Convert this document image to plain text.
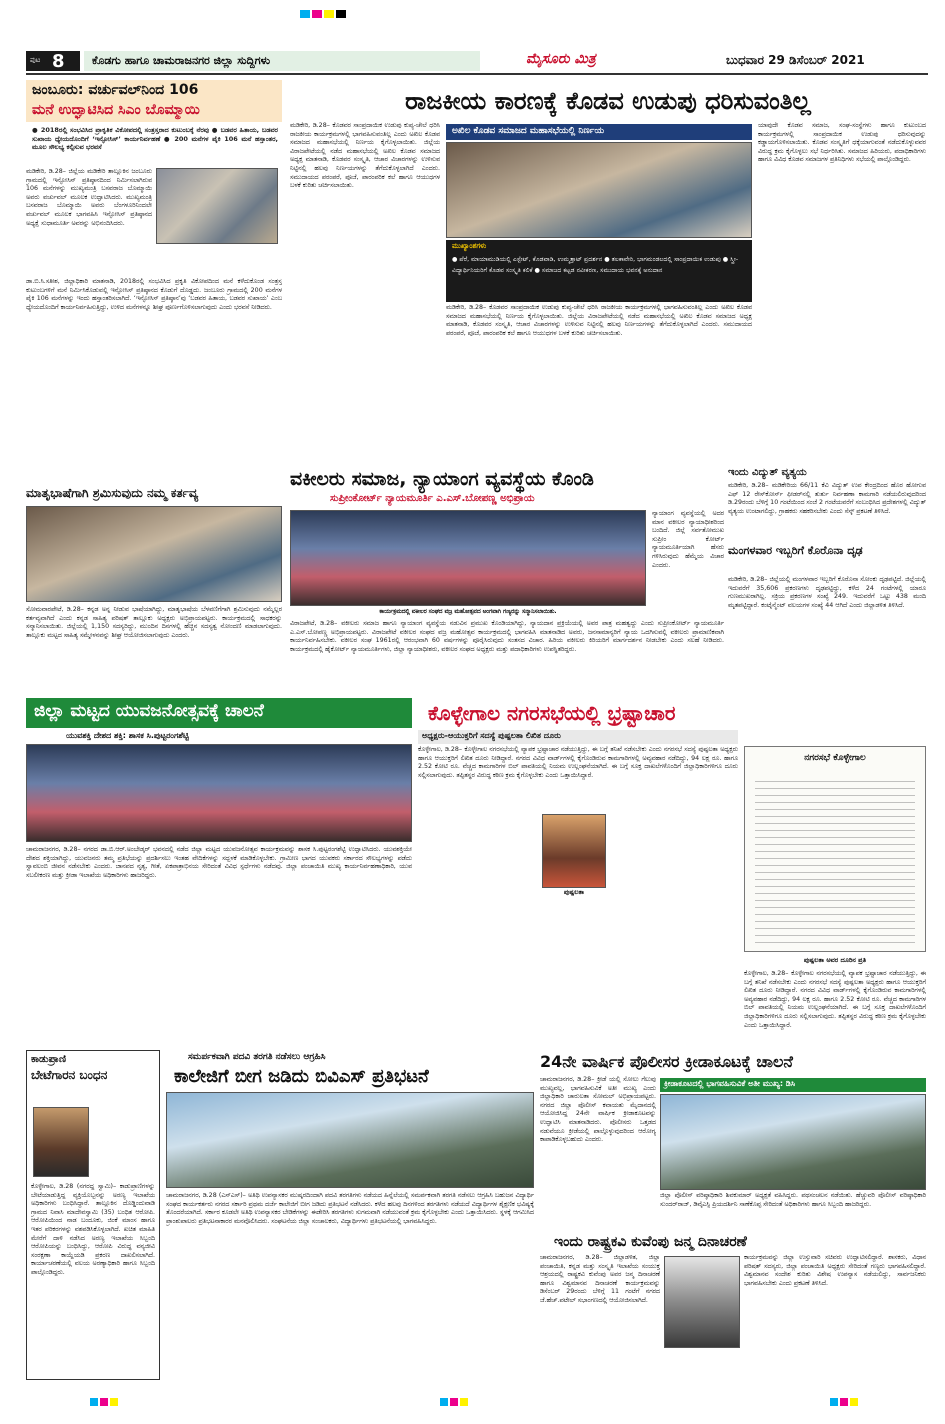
ಪುಟ 8 ಕೊಡಗು ಹಾಗೂ ಚಾಮರಾಜನಗರ ಜಿಲ್ಲಾ ಸುದ್ದಿಗಳು	ಮೈಸೂರು ಮಿತ್ರ	ಬುಧವಾರ 29 ಡಿಸೆಂಬರ್ 2021
ಜಂಬೂರು: ವರ್ಚುವಲ್‌ನಿಂದ 106
ಮನೆ ಉದ್ಘಾಟಿಸಿದ ಸಿಎಂ ಬೊಮ್ಮಾಯಿ
● 2018ರಲ್ಲಿ ಸಂಭವಿಸಿದ ಪ್ರಾಕೃತಿಕ ವಿಕೋಪದಲ್ಲಿ ಸಂತ್ರಸ್ತರಾದ ಕುಟುಂಬಕ್ಕೆ ನೆರವು ● ಬಡವರ ಹಿತಾಯ, ಬಡವರ ಸುಖಾಯ ಧ್ಯೇಯದೊಂದಿಗೆ ‘ಇನ್ಫೋಸಿಸ್’ ಕಾರ್ಯನಿರ್ವಹಣೆ ● 200 ಮನೆಗಳ ಪೈಕಿ 106 ಮನೆ ಹಸ್ತಾಂತರ, ಮೂಲ ಸೌಲಭ್ಯ ಕಲ್ಪಿಸುವ ಭರವಸೆ
ಮಡಿಕೇರಿ, ಡಿ.28– ಜಿಲ್ಲೆಯ ಮಡಿಕೇರಿ ತಾಲ್ಲೂಕಿನ ಜಂಬೂರು ಗ್ರಾಮದಲ್ಲಿ ಇನ್ಫೋಸಿಸ್ ಪ್ರತಿಷ್ಠಾನದಿಂದ ನಿರ್ಮಿಸಲಾಗಿರುವ 106 ಮನೆಗಳನ್ನು ಮುಖ್ಯಮಂತ್ರಿ ಬಸವರಾಜ ಬೊಮ್ಮಾಯಿ ಅವರು ವರ್ಚುವಲ್ ಮೂಲಕ ಉದ್ಘಾಟಿಸಿದರು. ಮುಖ್ಯಮಂತ್ರಿ ಬಸವರಾಜ ಬೊಮ್ಮಾಯಿ ಅವರು ಬೆಂಗಳೂರಿನಿಂದಲೇ ವರ್ಚುವಲ್ ಮೂಲಕ ಭಾಗವಹಿಸಿ ಇನ್ಫೋಸಿಸ್ ಪ್ರತಿಷ್ಠಾನದ ಅಧ್ಯಕ್ಷೆ ಸುಧಾಮೂರ್ತಿ ಅವರನ್ನು ಅಭಿನಂದಿಸಿದರು.
ಡಾ.ಬಿ.ಸಿ.ಸತೀಶ, ಜಿಲ್ಲಾಧಿಕಾರಿ ಮಾತನಾಡಿ, 2018ರಲ್ಲಿ ಸಂಭವಿಸಿದ ಪ್ರಕೃತಿ ವಿಕೋಪದಿಂದ ಮನೆ ಕಳೆದುಕೊಂಡ ಸಂತ್ರಸ್ತ ಕುಟುಂಬಗಳಿಗೆ ಮನೆ ನಿರ್ಮಿಸಿಕೊಡುವಲ್ಲಿ ಇನ್ಫೋಸಿಸ್ ಪ್ರತಿಷ್ಠಾನದ ಕೊಡುಗೆ ದೊಡ್ಡದು. ಜಂಬೂರು ಗ್ರಾಮದಲ್ಲಿ 200 ಮನೆಗಳ ಪೈಕಿ 106 ಮನೆಗಳನ್ನು ಇಂದು ಹಸ್ತಾಂತರಿಸಲಾಗಿದೆ. ‘ಇನ್ಫೋಸಿಸ್ ಪ್ರತಿಷ್ಠಾನ’ವು ‘ಬಡವರ ಹಿತಾಯ, ಬಡವರ ಸುಖಾಯ’ ಎಂಬ ಧ್ಯೇಯದೊಂದಿಗೆ ಕಾರ್ಯನಿರ್ವಹಿಸುತ್ತಿದ್ದು, ಉಳಿದ ಮನೆಗಳನ್ನೂ ಶೀಘ್ರ ಪೂರ್ಣಗೊಳಿಸಲಾಗುವುದು ಎಂದು ಭರವಸೆ ನೀಡಿದರು.
ರಾಜಕೀಯ ಕಾರಣಕ್ಕೆ ಕೊಡವ ಉಡುಪು ಧರಿಸುವಂತಿಲ್ಲ
ಮಡಿಕೇರಿ, ಡಿ.28– ಕೊಡವರ ಸಾಂಪ್ರದಾಯಿಕ ಉಡುಪು ಕುಪ್ಯ-ಚೇಲೆ ಧರಿಸಿ ರಾಜಕೀಯ ಕಾರ್ಯಕ್ರಮಗಳಲ್ಲಿ ಭಾಗವಹಿಸುವಂತಿಲ್ಲ ಎಂದು ಅಖಿಲ ಕೊಡವ ಸಮಾಜದ ಮಹಾಸಭೆಯಲ್ಲಿ ನಿರ್ಣಯ ಕೈಗೊಳ್ಳಲಾಯಿತು. ಜಿಲ್ಲೆಯ ವಿರಾಜಪೇಟೆಯಲ್ಲಿ ನಡೆದ ಮಹಾಸಭೆಯಲ್ಲಿ ಅಖಿಲ ಕೊಡವ ಸಮಾಜದ ಅಧ್ಯಕ್ಷ ಮಾತನಾಡಿ, ಕೊಡವರ ಸಂಸ್ಕೃತಿ, ಆಚಾರ ವಿಚಾರಗಳನ್ನು ಉಳಿಸುವ ನಿಟ್ಟಿನಲ್ಲಿ ಹಲವು ನಿರ್ಣಯಗಳನ್ನು ತೆಗೆದುಕೊಳ್ಳಲಾಗಿದೆ ಎಂದರು. ಸಮುದಾಯದ ಪರಂಪರೆ, ಪೂಜೆ, ಪಾರಂಪರಿಕ ಕಲೆ ಹಾಗೂ ಆಯುಧಗಳ ಬಳಕೆ ಕುರಿತು ಚರ್ಚಿಸಲಾಯಿತು.
ಅಖಿಲ ಕೊಡವ ಸಮಾಜದ ಮಹಾಸಭೆಯಲ್ಲಿ ನಿರ್ಣಯ
ಮುಖ್ಯಾಂಶಗಳು
● ಪೆರೆ, ಮಾಯಾಮುಡಿಯಲ್ಲಿ ಎಸ್ಟೇಟ್, ಕೊಡವಾಡಿ, ಉಮ್ಮತ್ತಾಟ್ ಪ್ರದರ್ಶನ ● ತಲಕಾವೇರಿ, ಭಾಗಮಂಡಲದಲ್ಲಿ ಸಾಂಪ್ರದಾಯಿಕ ಉಡುಪು ● ಸ್ತ್ರೀ-ವಿದ್ಯಾರ್ಥಿನಿಯರಿಗೆ ಕೊಡವ ಸಂಸ್ಕೃತಿ ಕಲಿಕೆ ● ಸಮಾಜದ ಕಟ್ಟಡ ನವೀಕರಣ, ಸಮುದಾಯ ಭವನಕ್ಕೆ ಅನುದಾನ
ಯಾವುದೇ ಕೊಡವ ಸಮಾಜ, ಸಂಘ-ಸಂಸ್ಥೆಗಳು ಹಾಗೂ ಕುಟುಂಬದ ಕಾರ್ಯಕ್ರಮಗಳಲ್ಲಿ ಸಾಂಪ್ರದಾಯಿಕ ಉಡುಪು ಧರಿಸುವುದನ್ನು ಕಡ್ಡಾಯಗೊಳಿಸಲಾಯಿತು. ಕೊಡವ ಸಂಸ್ಕೃತಿಗೆ ಧಕ್ಕೆಯಾಗುವಂತೆ ನಡೆದುಕೊಳ್ಳುವವರ ವಿರುದ್ಧ ಕ್ರಮ ಕೈಗೊಳ್ಳಲು ಸಭೆ ನಿರ್ಧರಿಸಿತು. ಸಮಾಜದ ಹಿರಿಯರು, ಪದಾಧಿಕಾರಿಗಳು ಹಾಗೂ ವಿವಿಧ ಕೊಡವ ಸಮಾಜಗಳ ಪ್ರತಿನಿಧಿಗಳು ಸಭೆಯಲ್ಲಿ ಪಾಲ್ಗೊಂಡಿದ್ದರು.
ಮಡಿಕೇರಿ, ಡಿ.28– ಕೊಡವರ ಸಾಂಪ್ರದಾಯಿಕ ಉಡುಪು ಕುಪ್ಯ-ಚೇಲೆ ಧರಿಸಿ ರಾಜಕೀಯ ಕಾರ್ಯಕ್ರಮಗಳಲ್ಲಿ ಭಾಗವಹಿಸುವಂತಿಲ್ಲ ಎಂದು ಅಖಿಲ ಕೊಡವ ಸಮಾಜದ ಮಹಾಸಭೆಯಲ್ಲಿ ನಿರ್ಣಯ ಕೈಗೊಳ್ಳಲಾಯಿತು. ಜಿಲ್ಲೆಯ ವಿರಾಜಪೇಟೆಯಲ್ಲಿ ನಡೆದ ಮಹಾಸಭೆಯಲ್ಲಿ ಅಖಿಲ ಕೊಡವ ಸಮಾಜದ ಅಧ್ಯಕ್ಷ ಮಾತನಾಡಿ, ಕೊಡವರ ಸಂಸ್ಕೃತಿ, ಆಚಾರ ವಿಚಾರಗಳನ್ನು ಉಳಿಸುವ ನಿಟ್ಟಿನಲ್ಲಿ ಹಲವು ನಿರ್ಣಯಗಳನ್ನು ತೆಗೆದುಕೊಳ್ಳಲಾಗಿದೆ ಎಂದರು. ಸಮುದಾಯದ ಪರಂಪರೆ, ಪೂಜೆ, ಪಾರಂಪರಿಕ ಕಲೆ ಹಾಗೂ ಆಯುಧಗಳ ಬಳಕೆ ಕುರಿತು ಚರ್ಚಿಸಲಾಯಿತು.
ಮಾತೃಭಾಷೆಗಾಗಿ ಶ್ರಮಿಸುವುದು ನಮ್ಮ ಕರ್ತವ್ಯ
ಸೋಮವಾರಪೇಟೆ, ಡಿ.28– ಕನ್ನಡ ಅನ್ನ ನೀಡುವ ಭಾಷೆಯಾಗಿದ್ದು, ಮಾತೃಭಾಷೆಯ ಬೆಳವಣಿಗೆಗಾಗಿ ಶ್ರಮಿಸುವುದು ನಮ್ಮೆಲ್ಲರ ಕರ್ತವ್ಯವಾಗಿದೆ ಎಂದು ಕನ್ನಡ ಸಾಹಿತ್ಯ ಪರಿಷತ್ ತಾಲ್ಲೂಕು ಅಧ್ಯಕ್ಷರು ಅಭಿಪ್ರಾಯಪಟ್ಟರು. ಕಾರ್ಯಕ್ರಮದಲ್ಲಿ ಸಾಧಕರನ್ನು ಸನ್ಮಾನಿಸಲಾಯಿತು. ಜಿಲ್ಲೆಯಲ್ಲಿ 1,150 ಸದಸ್ಯರಿದ್ದು, ಮುಂದಿನ ದಿನಗಳಲ್ಲಿ ಹೆಚ್ಚಿನ ಸದಸ್ಯತ್ವ ನೋಂದಣಿ ಮಾಡಲಾಗುವುದು. ತಾಲ್ಲೂಕು ಮಟ್ಟದ ಸಾಹಿತ್ಯ ಸಮ್ಮೇಳನವನ್ನು ಶೀಘ್ರ ಆಯೋಜಿಸಲಾಗುವುದು ಎಂದರು.
ವಕೀಲರು ಸಮಾಜ, ನ್ಯಾಯಾಂಗ ವ್ಯವಸ್ಥೆಯ ಕೊಂಡಿ
ಸುಪ್ರೀಂಕೋರ್ಟ್ ನ್ಯಾಯಮೂರ್ತಿ ಎ.ಎಸ್.ಬೋಪಣ್ಣ ಅಭಿಪ್ರಾಯ
ಕಾರ್ಯಕ್ರಮದಲ್ಲಿ ವಕೀಲರ ಸಂಘದ ವಜ್ರ ಮಹೋತ್ಸವದ ಅಂಗವಾಗಿ ಗಣ್ಯರನ್ನು ಸನ್ಮಾನಿಸಲಾಯಿತು.
ನ್ಯಾಯಾಂಗ ವ್ಯವಸ್ಥೆಯಲ್ಲಿ ಅದರ ಮಾನ ವಕೀಲರ ನ್ಯಾಯಾಧೀಶರಿಂದ ಬಂದಿದೆ. ಜಿಲ್ಲೆ ಸರ್ವತೋಮುಖ ಸುಪ್ರೀಂ ಕೋರ್ಟ್ ನ್ಯಾಯಮೂರ್ತಿಯಾಗಿ ಹೆಸರು ಗಳಿಸಿರುವುದು ಹೆಮ್ಮೆಯ ವಿಚಾರ ಎಂದರು.
ವಿರಾಜಪೇಟೆ, ಡಿ.28– ವಕೀಲರು ಸಮಾಜ ಹಾಗೂ ನ್ಯಾಯಾಂಗ ವ್ಯವಸ್ಥೆಯ ನಡುವಿನ ಪ್ರಮುಖ ಕೊಂಡಿಯಾಗಿದ್ದು, ನ್ಯಾಯದಾನ ಪ್ರಕ್ರಿಯೆಯಲ್ಲಿ ಅವರ ಪಾತ್ರ ಮಹತ್ವದ್ದು ಎಂದು ಸುಪ್ರೀಂಕೋರ್ಟ್ ನ್ಯಾಯಮೂರ್ತಿ ಎ.ಎಸ್.ಬೋಪಣ್ಣ ಅಭಿಪ್ರಾಯಪಟ್ಟರು. ವಿರಾಜಪೇಟೆ ವಕೀಲರ ಸಂಘದ ವಜ್ರ ಮಹೋತ್ಸವ ಕಾರ್ಯಕ್ರಮದಲ್ಲಿ ಭಾಗವಹಿಸಿ ಮಾತನಾಡಿದ ಅವರು, ಜನಸಾಮಾನ್ಯರಿಗೆ ನ್ಯಾಯ ಒದಗಿಸುವಲ್ಲಿ ವಕೀಲರು ಪ್ರಾಮಾಣಿಕವಾಗಿ ಕಾರ್ಯನಿರ್ವಹಿಸಬೇಕು. ವಕೀಲರ ಸಂಘ 1961ರಲ್ಲಿ ಆರಂಭವಾಗಿ 60 ವರ್ಷಗಳನ್ನು ಪೂರೈಸಿರುವುದು ಸಂತಸದ ವಿಚಾರ. ಹಿರಿಯ ವಕೀಲರು ಕಿರಿಯರಿಗೆ ಮಾರ್ಗದರ್ಶನ ನೀಡಬೇಕು ಎಂದು ಸಲಹೆ ನೀಡಿದರು. ಕಾರ್ಯಕ್ರಮದಲ್ಲಿ ಹೈಕೋರ್ಟ್ ನ್ಯಾಯಮೂರ್ತಿಗಳು, ಜಿಲ್ಲಾ ನ್ಯಾಯಾಧೀಶರು, ವಕೀಲರ ಸಂಘದ ಅಧ್ಯಕ್ಷರು ಮತ್ತು ಪದಾಧಿಕಾರಿಗಳು ಉಪಸ್ಥಿತರಿದ್ದರು.
ಇಂದು ವಿದ್ಯುತ್ ವ್ಯತ್ಯಯ
ಮಡಿಕೇರಿ, ಡಿ.28– ಮಡಿಕೇರಿಯ 66/11 ಕೆವಿ ವಿದ್ಯುತ್ ಉಪ ಕೇಂದ್ರದಿಂದ ಹೊರ ಹೋಗುವ ಎಫ್ 12 ರೇಸ್‌ಕೋರ್ಸ್ ಫೀಡರ್‌ನಲ್ಲಿ ತುರ್ತು ನಿರ್ವಹಣಾ ಕಾಮಗಾರಿ ನಡೆಯಲಿರುವುದರಿಂದ ಡಿ.29ರಂದು ಬೆಳಿಗ್ಗೆ 10 ಗಂಟೆಯಿಂದ ಸಂಜೆ 2 ಗಂಟೆಯವರೆಗೆ ಸಂಬಂಧಿಸಿದ ಪ್ರದೇಶಗಳಲ್ಲಿ ವಿದ್ಯುತ್ ವ್ಯತ್ಯಯ ಉಂಟಾಗಲಿದ್ದು, ಗ್ರಾಹಕರು ಸಹಕರಿಸಬೇಕು ಎಂದು ಸೆಸ್ಕ್ ಪ್ರಕಟಣೆ ತಿಳಿಸಿದೆ.
ಮಂಗಳವಾರ ಇಬ್ಬರಿಗೆ ಕೊರೊನಾ ದೃಢ
ಮಡಿಕೇರಿ, ಡಿ.28– ಜಿಲ್ಲೆಯಲ್ಲಿ ಮಂಗಳವಾರ ಇಬ್ಬರಿಗೆ ಕೊರೊನಾ ಸೋಂಕು ದೃಢಪಟ್ಟಿದೆ. ಜಿಲ್ಲೆಯಲ್ಲಿ ಇದುವರೆಗೆ 35,606 ಪ್ರಕರಣಗಳು ದೃಢಪಟ್ಟಿದ್ದು, ಕಳೆದ 24 ಗಂಟೆಗಳಲ್ಲಿ ಯಾರೂ ಗುಣಮುಖರಾಗಿಲ್ಲ. ಸಕ್ರಿಯ ಪ್ರಕರಣಗಳ ಸಂಖ್ಯೆ 249. ಇದುವರೆಗೆ ಒಟ್ಟು 438 ಮಂದಿ ಮೃತಪಟ್ಟಿದ್ದಾರೆ. ಕಂಟೈನ್ಮೆಂಟ್ ವಲಯಗಳ ಸಂಖ್ಯೆ 44 ಆಗಿದೆ ಎಂದು ಜಿಲ್ಲಾಡಳಿತ ತಿಳಿಸಿದೆ.
ಜಿಲ್ಲಾ ಮಟ್ಟದ ಯುವಜನೋತ್ಸವಕ್ಕೆ ಚಾಲನೆ
ಯುವಶಕ್ತಿ ದೇಶದ ಶಕ್ತಿ: ಶಾಸಕ ಸಿ.ಪುಟ್ಟರಂಗಶೆಟ್ಟಿ
ಚಾಮರಾಜನಗರ, ಡಿ.28– ನಗರದ ಡಾ.ಬಿ.ಆರ್.ಅಂಬೇಡ್ಕರ್ ಭವನದಲ್ಲಿ ನಡೆದ ಜಿಲ್ಲಾ ಮಟ್ಟದ ಯುವಜನೋತ್ಸವ ಕಾರ್ಯಕ್ರಮವನ್ನು ಶಾಸಕ ಸಿ.ಪುಟ್ಟರಂಗಶೆಟ್ಟಿ ಉದ್ಘಾಟಿಸಿದರು. ಯುವಶಕ್ತಿಯೇ ದೇಶದ ಶಕ್ತಿಯಾಗಿದ್ದು, ಯುವಜನರು ತಮ್ಮ ಪ್ರತಿಭೆಯನ್ನು ಪ್ರದರ್ಶಿಸಲು ಇಂತಹ ವೇದಿಕೆಗಳನ್ನು ಸದ್ಬಳಕೆ ಮಾಡಿಕೊಳ್ಳಬೇಕು. ಗ್ರಾಮೀಣ ಭಾಗದ ಯುವಕರು ಸರ್ಕಾರದ ಸೌಲಭ್ಯಗಳನ್ನು ಪಡೆದು ಸ್ವಾವಲಂಬಿ ಜೀವನ ನಡೆಸಬೇಕು ಎಂದರು. ಜಾನಪದ ನೃತ್ಯ, ಗೀತೆ, ಏಕಪಾತ್ರಾಭಿನಯ ಸೇರಿದಂತೆ ವಿವಿಧ ಸ್ಪರ್ಧೆಗಳು ನಡೆದವು. ಜಿಲ್ಲಾ ಪಂಚಾಯಿತಿ ಮುಖ್ಯ ಕಾರ್ಯನಿರ್ವಹಣಾಧಿಕಾರಿ, ಯುವ ಸಬಲೀಕರಣ ಮತ್ತು ಕ್ರೀಡಾ ಇಲಾಖೆಯ ಅಧಿಕಾರಿಗಳು ಹಾಜರಿದ್ದರು.
ಕೊಳ್ಳೇಗಾಲ ನಗರಸಭೆಯಲ್ಲಿ ಭ್ರಷ್ಟಾಚಾರ
ಅಧ್ಯಕ್ಷರು-ಆಯುಕ್ತರಿಗೆ ಸದಸ್ಯೆ ಪುಷ್ಪಲತಾ ಲಿಖಿತ ದೂರು
ಕೊಳ್ಳೇಗಾಲ, ಡಿ.28– ಕೊಳ್ಳೇಗಾಲ ನಗರಸಭೆಯಲ್ಲಿ ವ್ಯಾಪಕ ಭ್ರಷ್ಟಾಚಾರ ನಡೆಯುತ್ತಿದ್ದು, ಈ ಬಗ್ಗೆ ತನಿಖೆ ನಡೆಸಬೇಕು ಎಂದು ನಗರಸಭೆ ಸದಸ್ಯೆ ಪುಷ್ಪಲತಾ ಅಧ್ಯಕ್ಷರು ಹಾಗೂ ಆಯುಕ್ತರಿಗೆ ಲಿಖಿತ ದೂರು ನೀಡಿದ್ದಾರೆ. ನಗರದ ವಿವಿಧ ವಾರ್ಡ್‌ಗಳಲ್ಲಿ ಕೈಗೊಂಡಿರುವ ಕಾಮಗಾರಿಗಳಲ್ಲಿ ಅವ್ಯವಹಾರ ನಡೆದಿದ್ದು, 94 ಲಕ್ಷ ರೂ. ಹಾಗೂ 2.52 ಕೋಟಿ ರೂ. ವೆಚ್ಚದ ಕಾಮಗಾರಿಗಳ ಬಿಲ್ ಪಾವತಿಯಲ್ಲಿ ನಿಯಮ ಉಲ್ಲಂಘನೆಯಾಗಿದೆ. ಈ ಬಗ್ಗೆ ಸೂಕ್ತ ದಾಖಲೆಗಳೊಂದಿಗೆ ಜಿಲ್ಲಾಧಿಕಾರಿಗಳಿಗೂ ದೂರು ಸಲ್ಲಿಸಲಾಗುವುದು. ತಪ್ಪಿತಸ್ಥರ ವಿರುದ್ಧ ಕಠಿಣ ಕ್ರಮ ಕೈಗೊಳ್ಳಬೇಕು ಎಂದು ಒತ್ತಾಯಿಸಿದ್ದಾರೆ.
ಪುಷ್ಪಲತಾ
ನಗರಸಭೆ ಕೊಳ್ಳೇಗಾಲ
ಪುಷ್ಪಲತಾ ಅವರ ದೂರಿನ ಪ್ರತಿ
ಕೊಳ್ಳೇಗಾಲ, ಡಿ.28– ಕೊಳ್ಳೇಗಾಲ ನಗರಸಭೆಯಲ್ಲಿ ವ್ಯಾಪಕ ಭ್ರಷ್ಟಾಚಾರ ನಡೆಯುತ್ತಿದ್ದು, ಈ ಬಗ್ಗೆ ತನಿಖೆ ನಡೆಸಬೇಕು ಎಂದು ನಗರಸಭೆ ಸದಸ್ಯೆ ಪುಷ್ಪಲತಾ ಅಧ್ಯಕ್ಷರು ಹಾಗೂ ಆಯುಕ್ತರಿಗೆ ಲಿಖಿತ ದೂರು ನೀಡಿದ್ದಾರೆ. ನಗರದ ವಿವಿಧ ವಾರ್ಡ್‌ಗಳಲ್ಲಿ ಕೈಗೊಂಡಿರುವ ಕಾಮಗಾರಿಗಳಲ್ಲಿ ಅವ್ಯವಹಾರ ನಡೆದಿದ್ದು, 94 ಲಕ್ಷ ರೂ. ಹಾಗೂ 2.52 ಕೋಟಿ ರೂ. ವೆಚ್ಚದ ಕಾಮಗಾರಿಗಳ ಬಿಲ್ ಪಾವತಿಯಲ್ಲಿ ನಿಯಮ ಉಲ್ಲಂಘನೆಯಾಗಿದೆ. ಈ ಬಗ್ಗೆ ಸೂಕ್ತ ದಾಖಲೆಗಳೊಂದಿಗೆ ಜಿಲ್ಲಾಧಿಕಾರಿಗಳಿಗೂ ದೂರು ಸಲ್ಲಿಸಲಾಗುವುದು. ತಪ್ಪಿತಸ್ಥರ ವಿರುದ್ಧ ಕಠಿಣ ಕ್ರಮ ಕೈಗೊಳ್ಳಬೇಕು ಎಂದು ಒತ್ತಾಯಿಸಿದ್ದಾರೆ.
ಕಾಡುಪ್ರಾಣಿ
ಬೇಟೆಗಾರನ ಬಂಧನ
ಕೊಳ್ಳೇಗಾಲ, ಡಿ.28 (ನಗರದ್ದ ಸ್ವಾಮಿ)– ಕಾಡುಪ್ರಾಣಿಗಳನ್ನು ಬೇಟೆಯಾಡುತ್ತಿದ್ದ ವ್ಯಕ್ತಿಯೊಬ್ಬನನ್ನು ಅರಣ್ಯ ಇಲಾಖೆಯ ಅಧಿಕಾರಿಗಳು ಬಂಧಿಸಿದ್ದಾರೆ. ತಾಲ್ಲೂಕಿನ ದೊಡ್ಡಿಂದುವಾಡಿ ಗ್ರಾಮದ ನಿವಾಸಿ ಮಾದೇವಸ್ವಾಮಿ (35) ಬಂಧಿತ ಆರೋಪಿ. ಆರೋಪಿಯಿಂದ ನಾಡ ಬಂದೂಕು, ಜಿಂಕೆ ಮಾಂಸ ಹಾಗೂ ಇತರ ಪರಿಕರಗಳನ್ನು ವಶಪಡಿಸಿಕೊಳ್ಳಲಾಗಿದೆ. ಖಚಿತ ಮಾಹಿತಿ ಮೇರೆಗೆ ದಾಳಿ ನಡೆಸಿದ ಅರಣ್ಯ ಇಲಾಖೆಯ ಸಿಬ್ಬಂದಿ ಆರೋಪಿಯನ್ನು ಬಂಧಿಸಿದ್ದು, ಆರೋಪಿ ವಿರುದ್ಧ ವನ್ಯಜೀವಿ ಸಂರಕ್ಷಣಾ ಕಾಯ್ದೆಯಡಿ ಪ್ರಕರಣ ದಾಖಲಿಸಲಾಗಿದೆ. ಕಾರ್ಯಾಚರಣೆಯಲ್ಲಿ ವಲಯ ಅರಣ್ಯಾಧಿಕಾರಿ ಹಾಗೂ ಸಿಬ್ಬಂದಿ ಪಾಲ್ಗೊಂಡಿದ್ದರು.
ಸಮರ್ಪಕವಾಗಿ ಪದವಿ ತರಗತಿ ನಡೆಸಲು ಆಗ್ರಹಿಸಿ
ಕಾಲೇಜಿಗೆ ಬೀಗ ಜಡಿದು ಬಿವಿಎಸ್ ಪ್ರತಿಭಟನೆ
ಚಾಮರಾಜನಗರ, ಡಿ.28 (ಎಸ್‌ಎಸ್)– ಅತಿಥಿ ಉಪನ್ಯಾಸಕರ ಮುಷ್ಕರದಿಂದಾಗಿ ಪದವಿ ತರಗತಿಗಳು ನಡೆಯದ ಹಿನ್ನೆಲೆಯಲ್ಲಿ ಸಮರ್ಪಕವಾಗಿ ತರಗತಿ ನಡೆಸಲು ಆಗ್ರಹಿಸಿ ಬಹುಜನ ವಿದ್ಯಾರ್ಥಿ ಸಂಘದ ಕಾರ್ಯಕರ್ತರು ನಗರದ ಸರ್ಕಾರಿ ಪ್ರಥಮ ದರ್ಜೆ ಕಾಲೇಜಿಗೆ ಬೀಗ ಜಡಿದು ಪ್ರತಿಭಟನೆ ನಡೆಸಿದರು. ಕಳೆದ ಹಲವು ದಿನಗಳಿಂದ ತರಗತಿಗಳು ನಡೆಯದೆ ವಿದ್ಯಾರ್ಥಿಗಳ ಶೈಕ್ಷಣಿಕ ಭವಿಷ್ಯಕ್ಕೆ ತೊಂದರೆಯಾಗಿದೆ. ಸರ್ಕಾರ ಕೂಡಲೇ ಅತಿಥಿ ಉಪನ್ಯಾಸಕರ ಬೇಡಿಕೆಗಳನ್ನು ಈಡೇರಿಸಿ ತರಗತಿಗಳು ಸುಗಮವಾಗಿ ನಡೆಯುವಂತೆ ಕ್ರಮ ಕೈಗೊಳ್ಳಬೇಕು ಎಂದು ಒತ್ತಾಯಿಸಿದರು. ಸ್ಥಳಕ್ಕೆ ಆಗಮಿಸಿದ ಪ್ರಾಂಶುಪಾಲರು ಪ್ರತಿಭಟನಾಕಾರರ ಮನವೊಲಿಸಿದರು. ಸಂಘಟನೆಯ ಜಿಲ್ಲಾ ಸಂಚಾಲಕರು, ವಿದ್ಯಾರ್ಥಿಗಳು ಪ್ರತಿಭಟನೆಯಲ್ಲಿ ಭಾಗವಹಿಸಿದ್ದರು.
24ನೇ ವಾರ್ಷಿಕ ಪೊಲೀಸರ ಕ್ರೀಡಾಕೂಟಕ್ಕೆ ಚಾಲನೆ
ಚಾಮರಾಜನಗರ, ಡಿ.28– ಕ್ರೀಡೆ ಯಲ್ಲಿ ಸೋಲು ಗೆಲುವು ಮುಖ್ಯವಲ್ಲ, ಭಾಗವಹಿಸುವಿಕೆ ಅತೀ ಮುಖ್ಯ ಎಂದು ಜಿಲ್ಲಾಧಿಕಾರಿ ಚಾರುಲತಾ ಸೋಮಲ್ ಅಭಿಪ್ರಾಯಪಟ್ಟರು. ನಗರದ ಜಿಲ್ಲಾ ಪೊಲೀಸ್ ಕವಾಯತು ಮೈದಾನದಲ್ಲಿ ಆಯೋಜಿಸಿದ್ದ 24ನೇ ವಾರ್ಷಿಕ ಕ್ರೀಡಾಕೂಟವನ್ನು ಉದ್ಘಾಟಿಸಿ ಮಾತನಾಡಿದರು. ಪೊಲೀಸರು ಒತ್ತಡದ ನಡುವೆಯೂ ಕ್ರೀಡೆಯಲ್ಲಿ ಪಾಲ್ಗೊಳ್ಳುವುದರಿಂದ ಆರೋಗ್ಯ ಕಾಪಾಡಿಕೊಳ್ಳಬಹುದು ಎಂದರು.
ಕ್ರೀಡಾಕೂಟದಲ್ಲಿ ಭಾಗವಹಿಸುವಿಕೆ ಅತೀ ಮುಖ್ಯ: ಡಿಸಿ
ಜಿಲ್ಲಾ ಪೊಲೀಸ್ ವರಿಷ್ಠಾಧಿಕಾರಿ ಶಿವಕುಮಾರ್ ಅಧ್ಯಕ್ಷತೆ ವಹಿಸಿದ್ದರು. ಪಥಸಂಚಲನ ನಡೆಯಿತು. ಹೆಚ್ಚುವರಿ ಪೊಲೀಸ್ ವರಿಷ್ಠಾಧಿಕಾರಿ ಸುಂದರ್‌ರಾಜ್, ಡಿವೈಎಸ್ಪಿ ಪ್ರಿಯದರ್ಶಿನಿ ಸಾಣೆಕೊಪ್ಪ ಸೇರಿದಂತೆ ಅಧಿಕಾರಿಗಳು ಹಾಗೂ ಸಿಬ್ಬಂದಿ ಹಾಜರಿದ್ದರು.
ಇಂದು ರಾಷ್ಟ್ರಕವಿ ಕುವೆಂಪು ಜನ್ಮ ದಿನಾಚರಣೆ
ಚಾಮರಾಜನಗರ, ಡಿ.28– ಜಿಲ್ಲಾಡಳಿತ, ಜಿಲ್ಲಾ ಪಂಚಾಯಿತಿ, ಕನ್ನಡ ಮತ್ತು ಸಂಸ್ಕೃತಿ ಇಲಾಖೆಯ ಸಂಯುಕ್ತ ಆಶ್ರಯದಲ್ಲಿ ರಾಷ್ಟ್ರಕವಿ ಕುವೆಂಪು ಅವರ ಜನ್ಮ ದಿನಾಚರಣೆ ಹಾಗೂ ವಿಶ್ವಮಾನವ ದಿನಾಚರಣೆ ಕಾರ್ಯಕ್ರಮವನ್ನು ಡಿಸೆಂಬರ್ 29ರಂದು ಬೆಳಿಗ್ಗೆ 11 ಗಂಟೆಗೆ ನಗರದ ಜೆ.ಹೆಚ್.ಪಟೇಲ್ ಸಭಾಂಗಣದಲ್ಲಿ ಆಯೋಜಿಸಲಾಗಿದೆ.
ಕಾರ್ಯಕ್ರಮವನ್ನು ಜಿಲ್ಲಾ ಉಸ್ತುವಾರಿ ಸಚಿವರು ಉದ್ಘಾಟಿಸಲಿದ್ದಾರೆ. ಶಾಸಕರು, ವಿಧಾನ ಪರಿಷತ್ ಸದಸ್ಯರು, ಜಿಲ್ಲಾ ಪಂಚಾಯಿತಿ ಅಧ್ಯಕ್ಷರು ಸೇರಿದಂತೆ ಗಣ್ಯರು ಭಾಗವಹಿಸಲಿದ್ದಾರೆ. ವಿಶ್ವಮಾನವ ಸಂದೇಶ ಕುರಿತು ವಿಶೇಷ ಉಪನ್ಯಾಸ ನಡೆಯಲಿದ್ದು, ಸಾರ್ವಜನಿಕರು ಭಾಗವಹಿಸಬೇಕು ಎಂದು ಪ್ರಕಟಣೆ ತಿಳಿಸಿದೆ.
